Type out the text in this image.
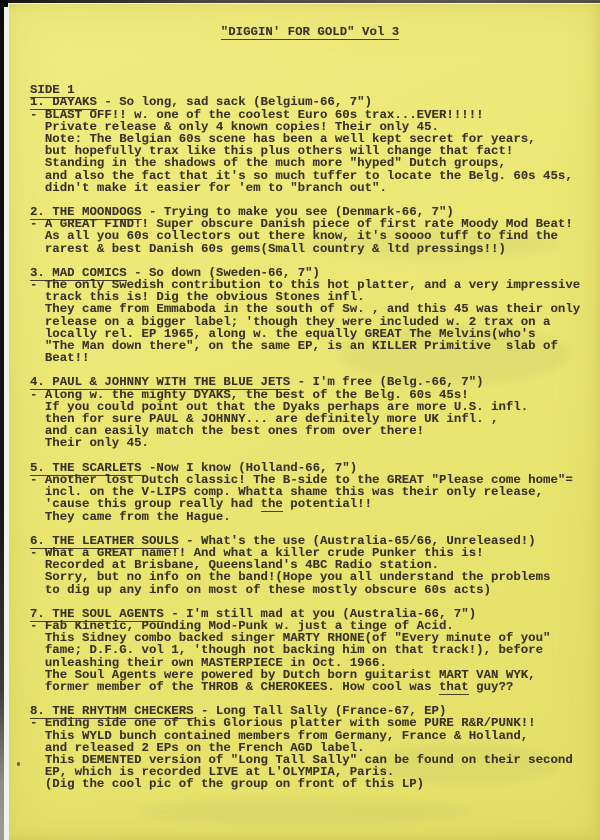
"DIGGIN' FOR GOLD" Vol 3
SIDE 1
1. DAYAKS - So long, sad sack (Belgium-66, 7")
- BLAST OFF!! w. one of the coolest Euro 60s trax...EVER!!!!!
Private release & only 4 known copies! Their only 45.
Note: The Belgian 60s scene has been a well kept secret for years,
but hopefully trax like this plus others will change that fact!
Standing in the shadows of the much more "hyped" Dutch groups,
and also the fact that it's so much tuffer to locate the Belg. 60s 45s,
didn't make it easier for 'em to "branch out".
2. THE MOONDOGS - Trying to make you see (Denmark-66, 7")
- A GREAT FIND!! Super obscure Danish piece of first rate Moody Mod Beat!
As all you 60s collectors out there know, it's soooo tuff to find the
rarest & best Danish 60s gems(Small country & ltd pressings!!)
3. MAD COMICS - So down (Sweden-66, 7")
- The only Swedish contribution to this hot platter, and a very impressive
track this is! Dig the obvious Stones infl.
They came from Emmaboda in the south of Sw. , and this 45 was their only
release on a bigger label; 'though they were included w. 2 trax on a
locally rel. EP 1965, along w. the equally GREAT The Melvins(who's
"The Man down there", on the same EP, is an KILLER Primitive  slab of
Beat!!
4. PAUL & JOHNNY WITH THE BLUE JETS - I'm free (Belg.-66, 7")
- Along w. the mighty DYAKS, the best of the Belg. 60s 45s!
If you could point out that the Dyaks perhaps are more U.S. infl.
then for sure PAUL & JOHNNY... are definitely more UK infl. ,
and can easily match the best ones from over there!
Their only 45.
5. THE SCARLETS -Now I know (Holland-66, 7")
- Another lost Dutch classic! The B-side to the GREAT "Please come home"=
incl. on the V-LIPS comp. Whatta shame this was their only release,
'cause this group really had the potential!!
They came from the Hague.
6. THE LEATHER SOULS - What's the use (Australia-65/66, Unreleased!)
- What a GREAT name!! And what a killer crude Punker this is!
Recorded at Brisbane, Queensland's 4BC Radio station.
Sorry, but no info on the band!(Hope you all understand the problems
to dig up any info on most of these mostly obscure 60s acts)
7. THE SOUL AGENTS - I'm still mad at you (Australia-66, 7")
- Fab Kinetic, Pounding Mod-Punk w. just a tinge of Acid.
This Sidney combo backed singer MARTY RHONE(of "Every minute of you"
fame; D.F.G. vol 1, 'though not backing him on that track!), before
unleashing their own MASTERPIECE in Oct. 1966.
The Soul Agents were powered by Dutch born guitarist MART VAN WYK,
former member of the THROB & CHEROKEES. How cool was that guy??
8. THE RHYTHM CHECKERS - Long Tall Sally (France-67, EP)
- Ending side one of this Glorious platter with some PURE R&R/PUNK!!
This WYLD bunch contained members from Germany, France & Holland,
and released 2 EPs on the French AGD label.
This DEMENTED version of "Long Tall Sally" can be found on their second
EP, which is recorded LIVE at L'OLYMPIA, Paris.
(Dig the cool pic of the group on front of this LP)
